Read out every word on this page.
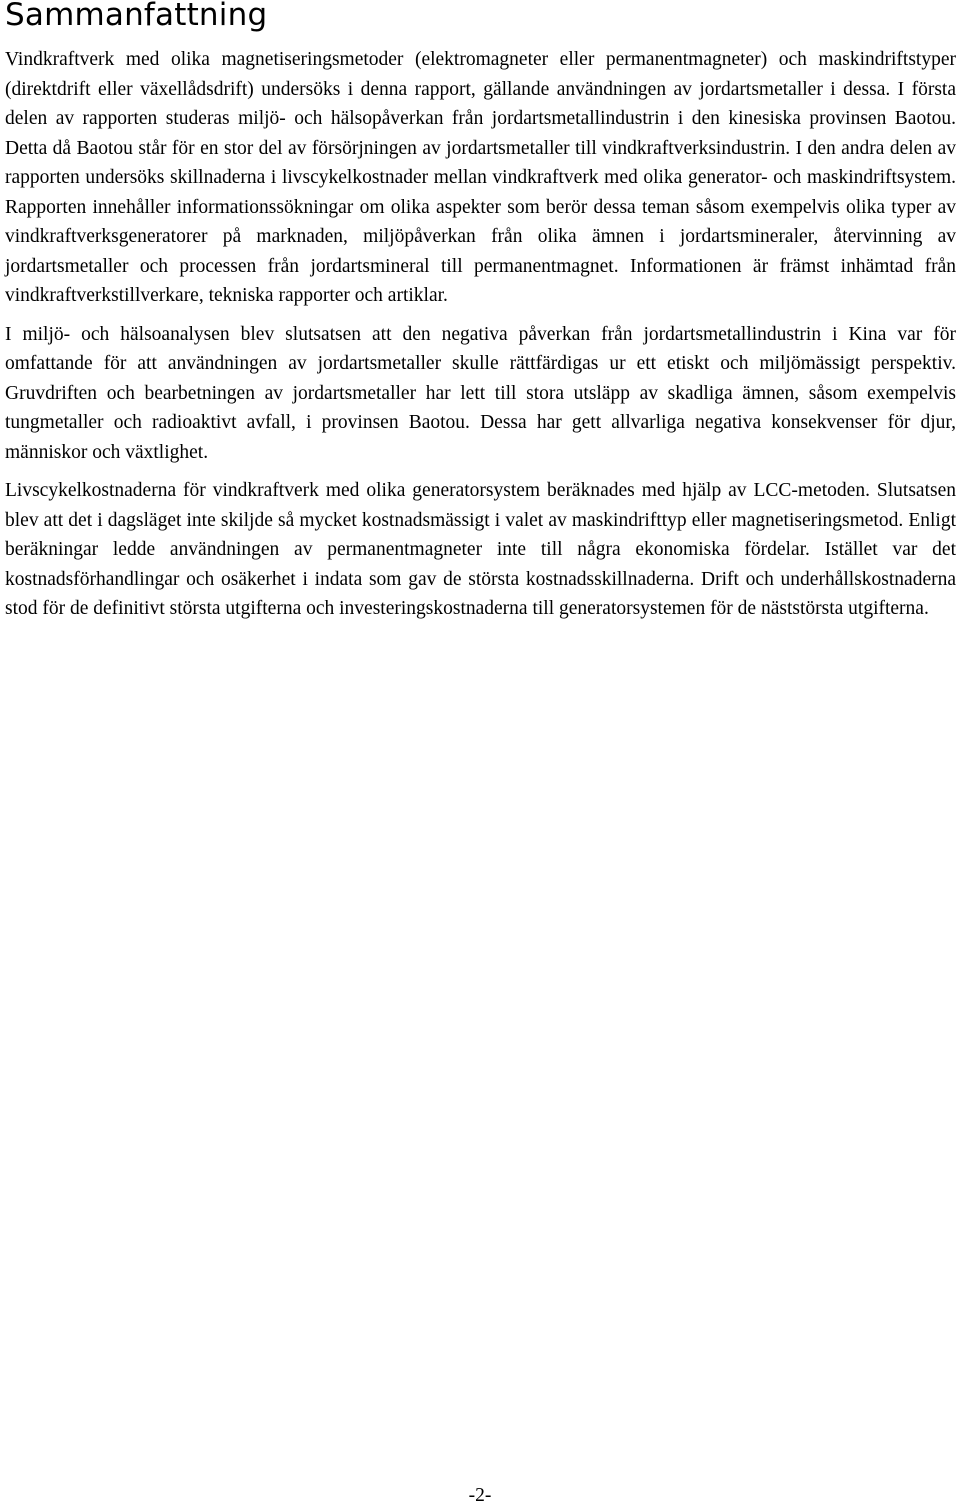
Sammanfattning

Vindkraftverk med olika magnetiseringsmetoder (elektromagneter eller permanentmagneter) och maskindriftstyper (direktdrift eller växellådsdrift) undersöks i denna rapport, gällande användningen av jordartsmetaller i dessa. I första delen av rapporten studeras miljö- och hälsopåverkan från jordartsmetallindustrin i den kinesiska provinsen Baotou. Detta då Baotou står för en stor del av försörjningen av jordartsmetaller till vindkraftverksindustrin. I den andra delen av rapporten undersöks skillnaderna i livscykelkostnader mellan vindkraftverk med olika generator- och maskindriftsystem. Rapporten innehåller informationssökningar om olika aspekter som berör dessa teman såsom exempelvis olika typer av vindkraftverksgeneratorer på marknaden, miljöpåverkan från olika ämnen i jordartsmineraler, återvinning av jordartsmetaller och processen från jordartsmineral till permanentmagnet. Informationen är främst inhämtad från vindkraftverkstillverkare, tekniska rapporter och artiklar.

I miljö- och hälsoanalysen blev slutsatsen att den negativa påverkan från jordartsmetallindustrin i Kina var för omfattande för att användningen av jordartsmetaller skulle rättfärdigas ur ett etiskt och miljömässigt perspektiv. Gruvdriften och bearbetningen av jordartsmetaller har lett till stora utsläpp av skadliga ämnen, såsom exempelvis tungmetaller och radioaktivt avfall, i provinsen Baotou. Dessa har gett allvarliga negativa konsekvenser för djur, människor och växtlighet.

Livscykelkostnaderna för vindkraftverk med olika generatorsystem beräknades med hjälp av LCC-metoden. Slutsatsen blev att det i dagsläget inte skiljde så mycket kostnadsmässigt i valet av maskindrifttyp eller magnetiseringsmetod. Enligt beräkningar ledde användningen av permanentmagneter inte till några ekonomiska fördelar. Istället var det kostnadsförhandlingar och osäkerhet i indata som gav de största kostnadsskillnaderna. Drift och underhållskostnaderna stod för de definitivt största utgifterna och investeringskostnaderna till generatorsystemen för de näststörsta utgifterna.

-2-
